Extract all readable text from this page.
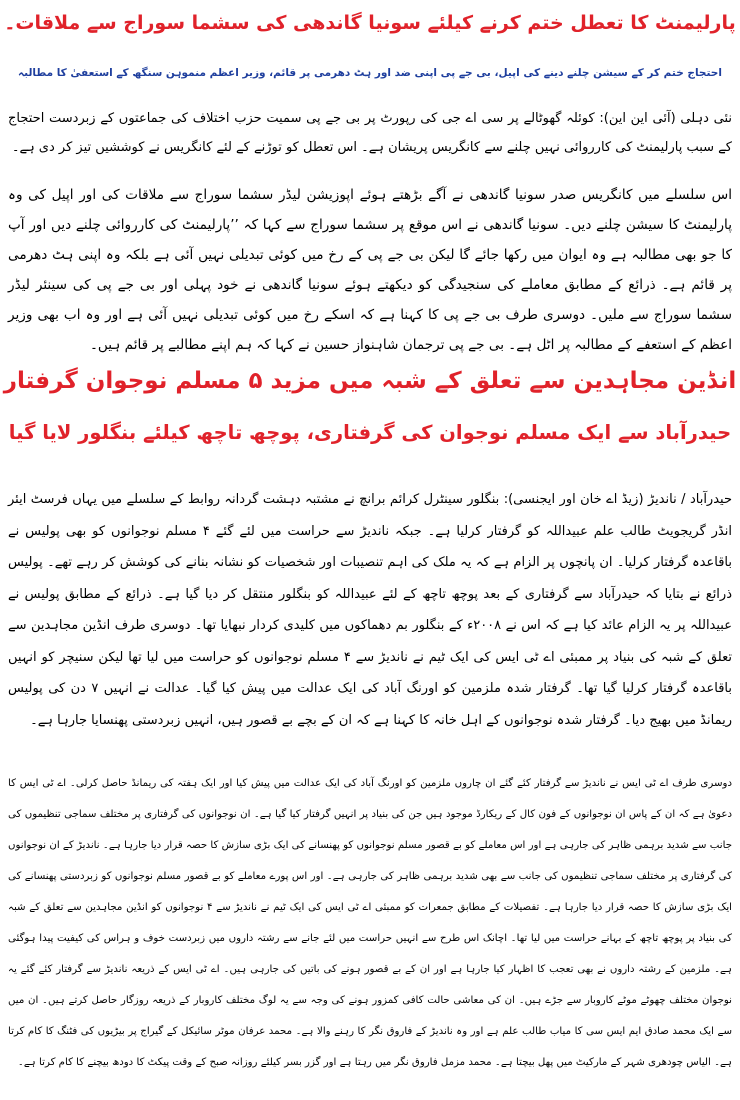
پارلیمنٹ کا تعطل ختم کرنے کیلئے سونیا گاندھی کی سشما سوراج سے ملاقات۔
احتجاج ختم کر کے سیشن چلنے دینے کی اپیل، بی جے پی اپنی ضد اور ہٹ دھرمی پر قائم، وزیر اعظم منموہن سنگھ کے استعفیٰ کا مطالبہ

نئی دہلی (آئی این این): کوئلہ گھوٹالے پر سی اے جی کی رپورٹ پر بی جے پی سمیت حزب اختلاف کی جماعتوں کے زبردست احتجاج کے سبب پارلیمنٹ کی کارروائی نہیں چلنے سے کانگریس پریشان ہے۔ اس تعطل کو توڑنے کے لئے کانگریس نے کوششیں تیز کر دی ہے۔

اس سلسلے میں کانگریس صدر سونیا گاندھی نے آگے بڑھتے ہوئے اپوزیشن لیڈر سشما سوراج سے ملاقات کی اور اپیل کی وہ پارلیمنٹ کا سیشن چلنے دیں۔ سونیا گاندھی نے اس موقع پر سشما سوراج سے کہا کہ ’’پارلیمنٹ کی کارروائی چلنے دیں اور آپ کا جو بھی مطالبہ ہے وہ ایوان میں رکھا جائے گا لیکن بی جے پی کے رخ میں کوئی تبدیلی نہیں آئی ہے بلکہ وہ اپنی ہٹ دھرمی پر قائم ہے۔ ذرائع کے مطابق معاملے کی سنجیدگی کو دیکھتے ہوئے سونیا گاندھی نے خود پہلی اور بی جے پی کی سینئر لیڈر سشما سوراج سے ملیں۔ دوسری طرف بی جے پی کا کہنا ہے کہ اسکے رخ میں کوئی تبدیلی نہیں آئی ہے اور وہ اب بھی وزیر اعظم کے استعفے کے مطالبہ پر اٹل ہے۔ بی جے پی ترجمان شاہنواز حسین نے کہا کہ ہم اپنے مطالبے پر قائم ہیں۔

انڈین مجاہدین سے تعلق کے شبہ میں مزید ۵ مسلم نوجوان گرفتار
حیدرآباد سے ایک مسلم نوجوان کی گرفتاری، پوچھ تاچھ کیلئے بنگلور لایا گیا

حیدرآباد / ناندیڑ (زیڈ اے خان اور ایجنسی): بنگلور سینٹرل کرائم برانچ نے مشتبہ دہشت گردانہ روابط کے سلسلے میں یہاں فرسٹ ایئر انڈر گریجویٹ طالب علم عبیداللہ کو گرفتار کرلیا ہے۔ جبکہ ناندیڑ سے حراست میں لئے گئے ۴ مسلم نوجوانوں کو بھی پولیس نے باقاعدہ گرفتار کرلیا۔ ان پانچوں پر الزام ہے کہ یہ ملک کی اہم تنصیبات اور شخصیات کو نشانہ بنانے کی کوشش کر رہے تھے۔ پولیس ذرائع نے بتایا کہ حیدرآباد سے گرفتاری کے بعد پوچھ تاچھ کے لئے عبیداللہ کو بنگلور منتقل کر دیا گیا ہے۔ ذرائع کے مطابق پولیس نے عبیداللہ پر یہ الزام عائد کیا ہے کہ اس نے ۲۰۰۸ء کے بنگلور بم دھماکوں میں کلیدی کردار نبھایا تھا۔ دوسری طرف انڈین مجاہدین سے تعلق کے شبہ کی بنیاد پر ممبئی اے ٹی ایس کی ایک ٹیم نے ناندیڑ سے ۴ مسلم نوجوانوں کو حراست میں لیا تھا لیکن سنیچر کو انہیں باقاعدہ گرفتار کرلیا گیا تھا۔ گرفتار شدہ ملزمین کو اورنگ آباد کی ایک عدالت میں پیش کیا گیا۔ عدالت نے انہیں ۷ دن کی پولیس ریمانڈ میں بھیج دیا۔ گرفتار شدہ نوجوانوں کے اہل خانہ کا کہنا ہے کہ ان کے بچے بے قصور ہیں، انہیں زبردستی پھنسایا جارہا ہے۔

دوسری طرف اے ٹی ایس نے ناندیڑ سے گرفتار کئے گئے ان چاروں ملزمین کو اورنگ آباد کی ایک عدالت میں پیش کیا اور ایک ہفتہ کی ریمانڈ حاصل کرلی۔ اے ٹی ایس کا دعویٰ ہے کہ ان کے پاس ان نوجوانوں کے فون کال کے ریکارڈ موجود ہیں جن کی بنیاد پر انہیں گرفتار کیا گیا ہے۔ ان نوجوانوں کی گرفتاری پر مختلف سماجی تنظیموں کی جانب سے شدید برہمی ظاہر کی جارہی ہے اور اس معاملے کو بے قصور مسلم نوجوانوں کو پھنسانے کی ایک بڑی سازش کا حصہ قرار دیا جارہا ہے۔ ناندیڑ کے ان نوجوانوں کی گرفتاری پر مختلف سماجی تنظیموں کی جانب سے بھی شدید برہمی ظاہر کی جارہی ہے۔ اور اس پورے معاملے کو بے قصور مسلم نوجوانوں کو زبردستی پھنسانے کی ایک بڑی سازش کا حصہ قرار دیا جارہا ہے۔ تفصیلات کے مطابق جمعرات کو ممبئی اے ٹی ایس کی ایک ٹیم نے ناندیڑ سے ۴ نوجوانوں کو انڈین مجاہدین سے تعلق کے شبہ کی بنیاد پر پوچھ تاچھ کے بہانے حراست میں لیا تھا۔ اچانک اس طرح سے انہیں حراست میں لئے جانے سے رشتہ داروں میں زبردست خوف و ہراس کی کیفیت پیدا ہوگئی ہے۔ ملزمین کے رشتہ داروں نے بھی تعجب کا اظہار کیا جارہا ہے اور ان کے بے قصور ہونے کی باتیں کی جارہی ہیں۔ اے ٹی ایس کے ذریعہ ناندیڑ سے گرفتار کئے گئے یہ نوجوان مختلف چھوٹے موٹے کاروبار سے جڑے ہیں۔ ان کی معاشی حالت کافی کمزور ہونے کی وجہ سے یہ لوگ مختلف کاروبار کے ذریعہ روزگار حاصل کرتے ہیں۔ ان میں سے ایک محمد صادق ایم ایس سی کا میاب طالب علم ہے اور وہ ناندیڑ کے فاروق نگر کا رہنے والا ہے۔ محمد عرفان موٹر سائیکل کے گیراج پر بیڑیوں کی فٹنگ کا کام کرتا ہے۔ الیاس چودھری شہر کے مارکیٹ میں پھل بیچتا ہے۔ محمد مزمل فاروق نگر میں رہتا ہے اور گزر بسر کیلئے روزانہ صبح کے وقت پیکٹ کا دودھ بیچنے کا کام کرتا ہے۔
